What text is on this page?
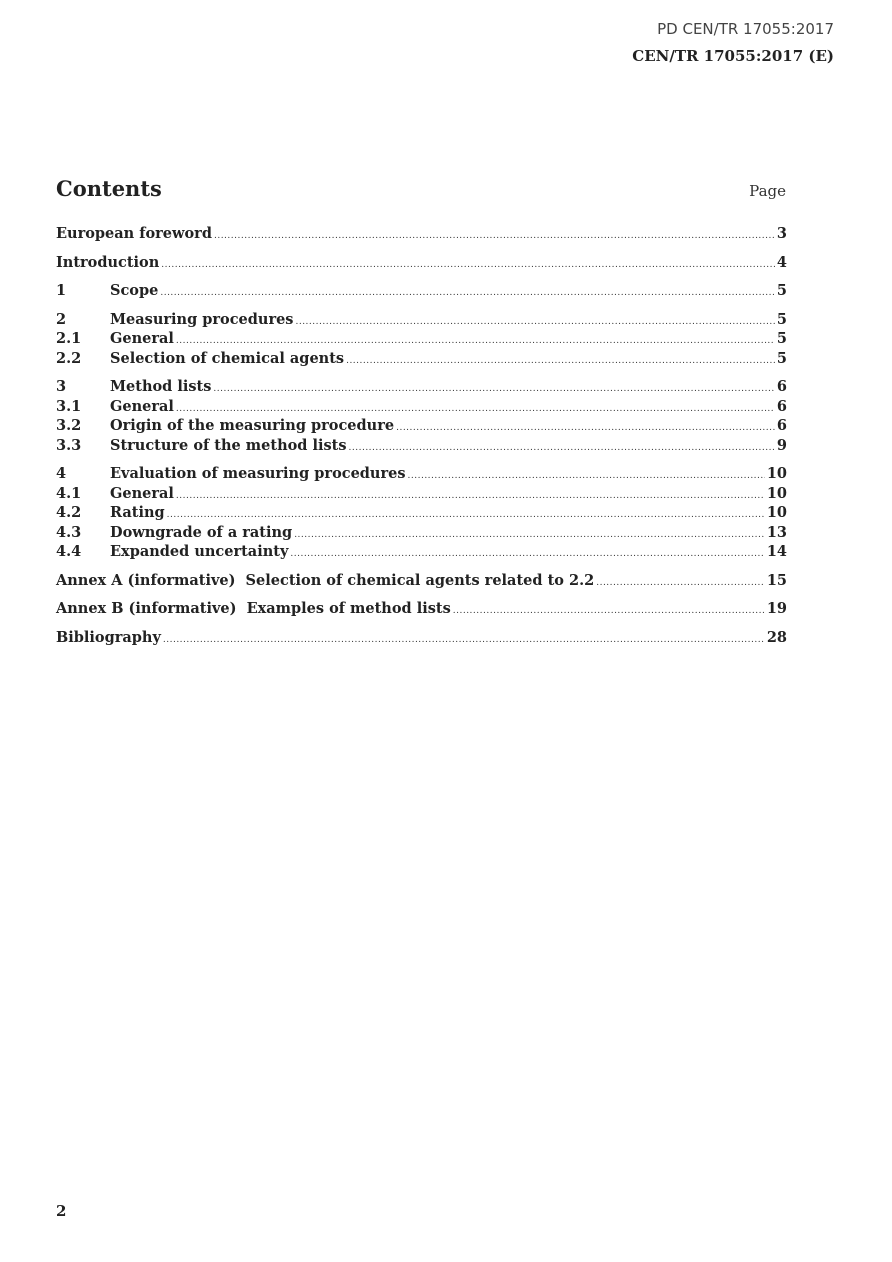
PD CEN/TR 17055:2017
CEN/TR 17055:2017 (E)
Contents	Page
European foreword .....	3
Introduction .....	4
1	Scope .....	5
2	Measuring procedures .....	5
2.1	General .....	5
2.2	Selection of chemical agents .....	5
3	Method lists .....	6
3.1	General .....	6
3.2	Origin of the measuring procedure .....	6
3.3	Structure of the method lists .....	9
4	Evaluation of measuring procedures .....	10
4.1	General .....	10
4.2	Rating .....	10
4.3	Downgrade of a rating .....	13
4.4	Expanded uncertainty .....	14
Annex A (informative)  Selection of chemical agents related to 2.2 .....	15
Annex B (informative)  Examples of method lists .....	19
Bibliography .....	28
2
